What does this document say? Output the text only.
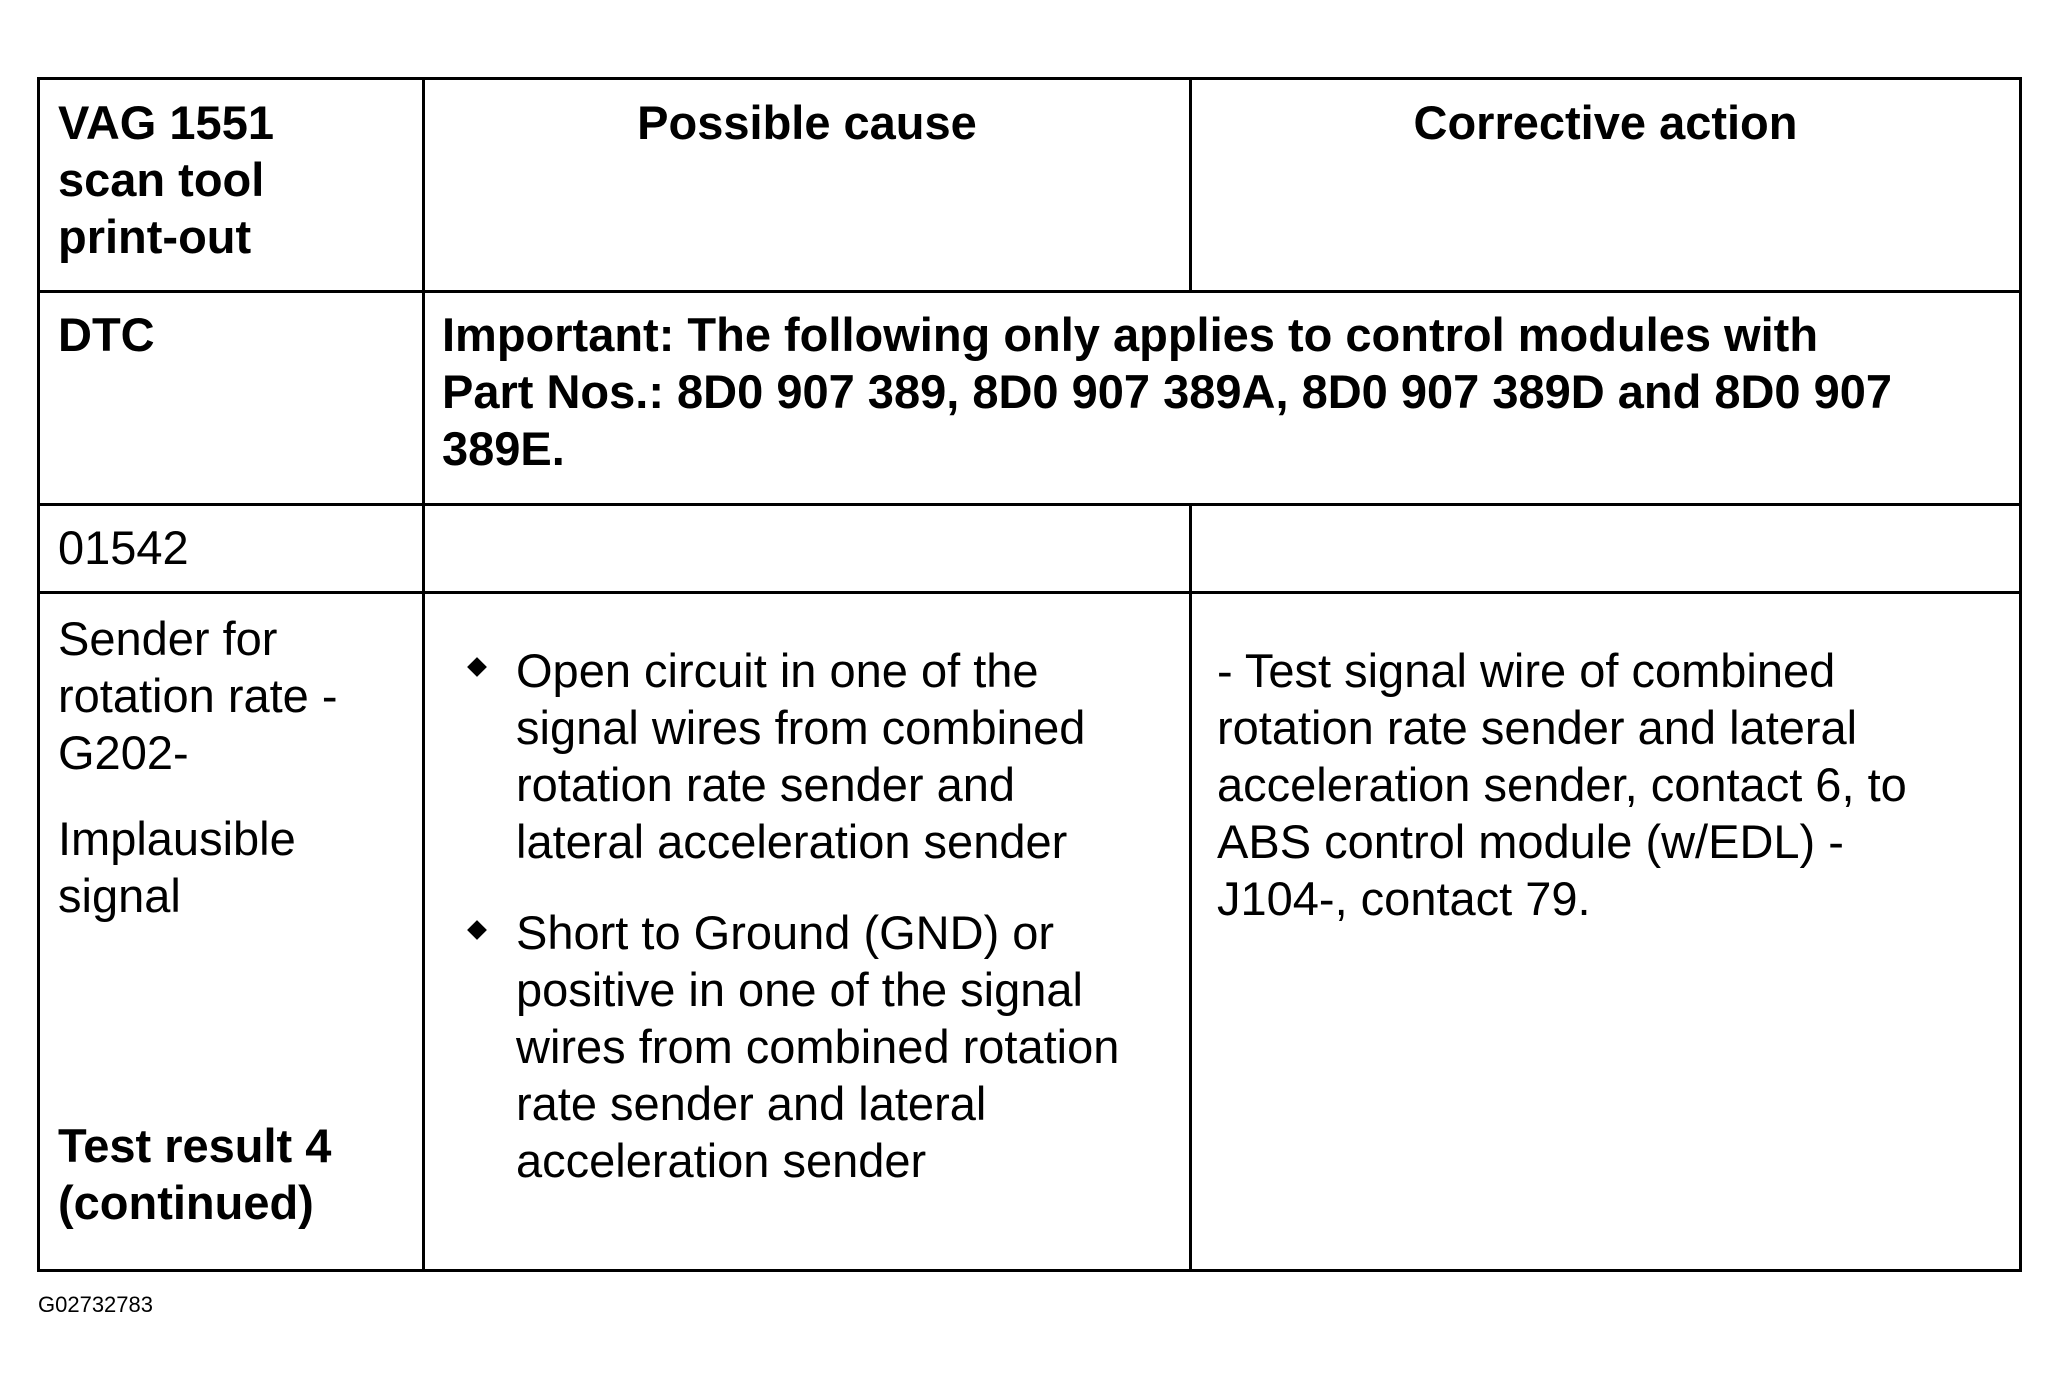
VAG 1551
scan tool
print-out
Possible cause	Corrective action
DTC	Important: The following only applies to control modules with
Part Nos.: 8D0 907 389, 8D0 907 389A, 8D0 907 389D and 8D0 907
389E.
01542
Sender for
rotation rate -
G202-
Implausible
signal
Test result 4
(continued)
Open circuit in one of the
signal wires from combined
rotation rate sender and
lateral acceleration sender
Short to Ground (GND) or
positive in one of the signal
wires from combined rotation
rate sender and lateral
acceleration sender
- Test signal wire of combined
rotation rate sender and lateral
acceleration sender, contact 6, to
ABS control module (w/EDL) -
J104-, contact 79.
G02732783
